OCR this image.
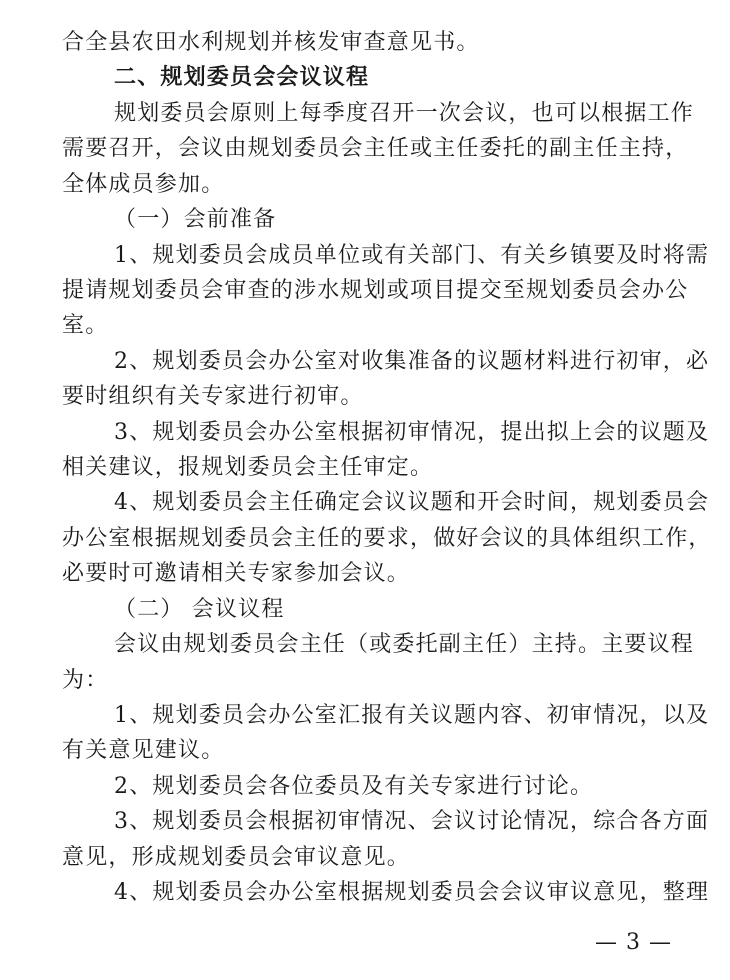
合全县农田水利规划并核发审查意见书。
二、规划委员会会议议程
规划委员会原则上每季度召开一次会议，也可以根据工作
需要召开，会议由规划委员会主任或主任委托的副主任主持，
全体成员参加。
（一）会前准备
1、规划委员会成员单位或有关部门、有关乡镇要及时将需
提请规划委员会审查的涉水规划或项目提交至规划委员会办公
室。
2、规划委员会办公室对收集准备的议题材料进行初审，必
要时组织有关专家进行初审。
3、规划委员会办公室根据初审情况，提出拟上会的议题及
相关建议，报规划委员会主任审定。
4、规划委员会主任确定会议议题和开会时间，规划委员会
办公室根据规划委员会主任的要求，做好会议的具体组织工作，
必要时可邀请相关专家参加会议。
（二） 会议议程
会议由规划委员会主任（或委托副主任）主持。主要议程
为：
1、规划委员会办公室汇报有关议题内容、初审情况，以及
有关意见建议。
2、规划委员会各位委员及有关专家进行讨论。
3、规划委员会根据初审情况、会议讨论情况，综合各方面
意见，形成规划委员会审议意见。
4、规划委员会办公室根据规划委员会会议审议意见，整理
— 3 —
